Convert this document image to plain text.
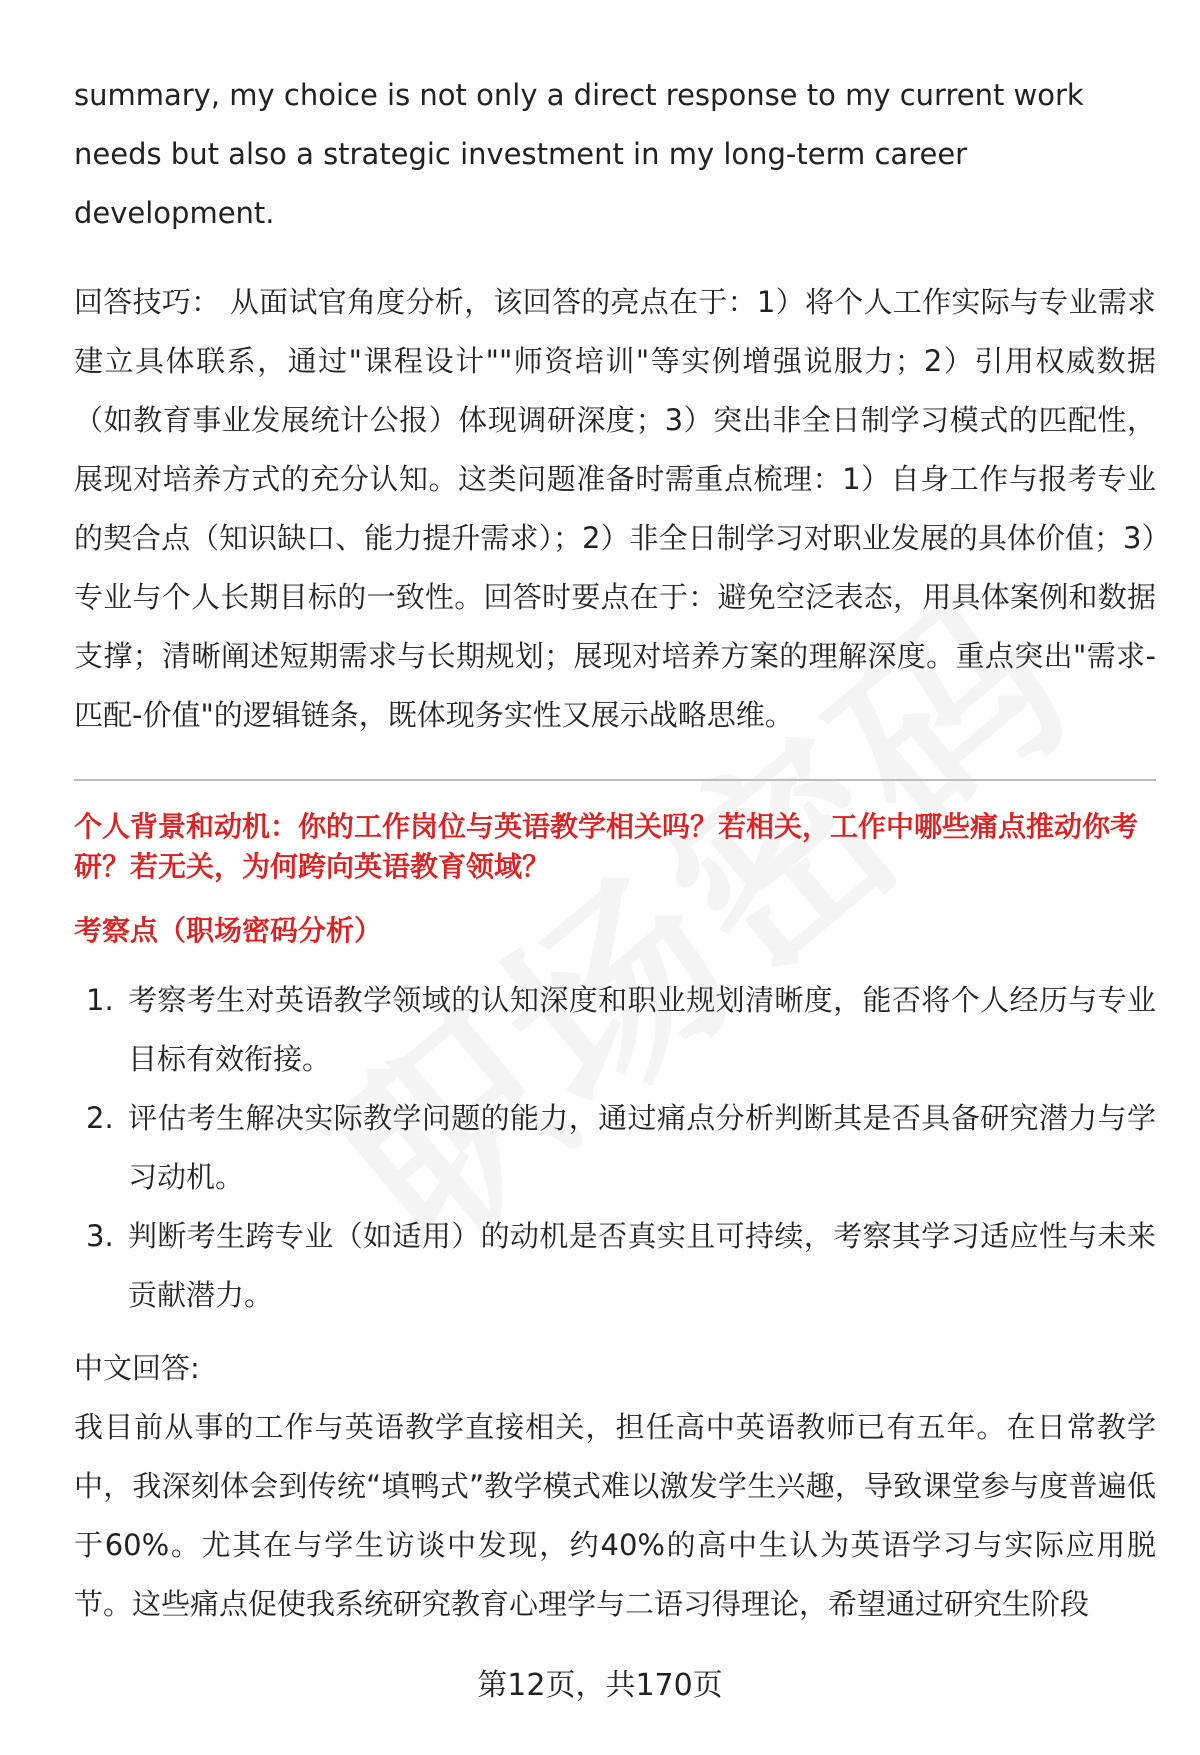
summary, my choice is not only a direct response to my current work needs but also a strategic investment in my long-term career development.

回答技巧： 从面试官角度分析，该回答的亮点在于：1）将个人工作实际与专业需求建立具体联系，通过"课程设计""师资培训"等实例增强说服力；2）引用权威数据（如教育事业发展统计公报）体现调研深度；3）突出非全日制学习模式的匹配性，展现对培养方式的充分认知。这类问题准备时需重点梳理：1）自身工作与报考专业的契合点（知识缺口、能力提升需求）；2）非全日制学习对职业发展的具体价值；3）专业与个人长期目标的一致性。回答时要点在于：避免空泛表态，用具体案例和数据支撑；清晰阐述短期需求与长期规划；展现对培养方案的理解深度。重点突出"需求-匹配-价值"的逻辑链条，既体现务实性又展示战略思维。

个人背景和动机：你的工作岗位与英语教学相关吗？若相关，工作中哪些痛点推动你考研？若无关，为何跨向英语教育领域？

考察点（职场密码分析）

1. 考察考生对英语教学领域的认知深度和职业规划清晰度，能否将个人经历与专业目标有效衔接。
2. 评估考生解决实际教学问题的能力，通过痛点分析判断其是否具备研究潜力与学习动机。
3. 判断考生跨专业（如适用）的动机是否真实且可持续，考察其学习适应性与未来贡献潜力。

中文回答:

我目前从事的工作与英语教学直接相关，担任高中英语教师已有五年。在日常教学中，我深刻体会到传统“填鸭式”教学模式难以激发学生兴趣，导致课堂参与度普遍低于60%。尤其在与学生访谈中发现，约40%的高中生认为英语学习与实际应用脱节。这些痛点促使我系统研究教育心理学与二语习得理论，希望通过研究生阶段

第12页，共170页
